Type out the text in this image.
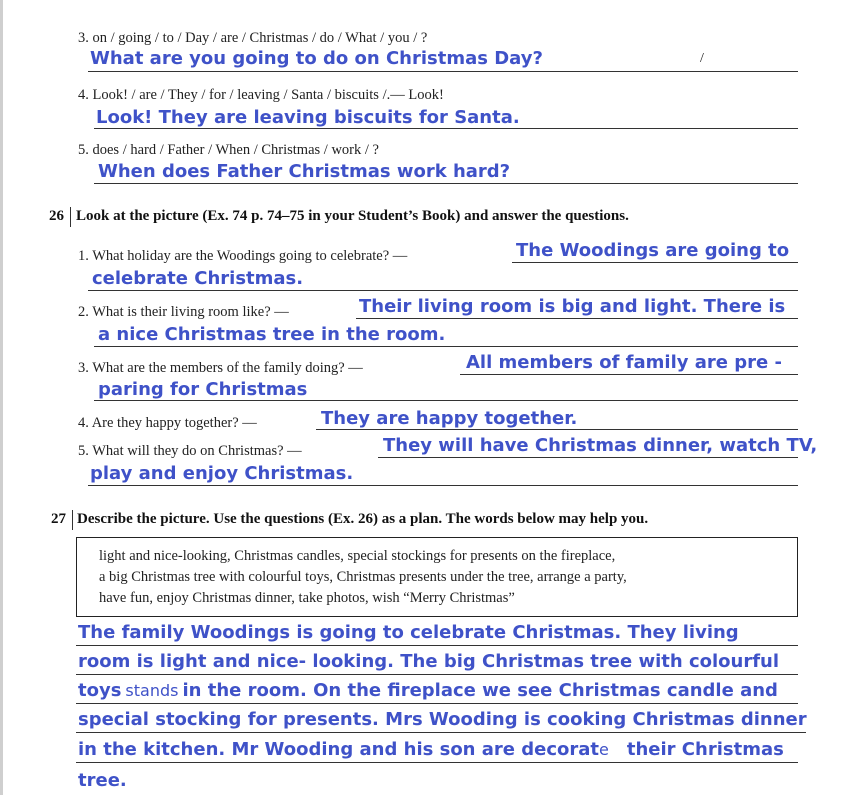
3. on / going / to / Day / are / Christmas / do / What / you / ?
What are you going to do on Christmas Day?	/
4. Look! / are / They / for / leaving / Santa / biscuits /.— Look!
Look! They are leaving biscuits for Santa.
5. does / hard / Father / When / Christmas / work / ?
When does Father Christmas work hard?
26 Look at the picture (Ex. 74 p. 74–75 in your Student’s Book) and answer the questions.
1. What holiday are the Woodings going to celebrate? —	The Woodings are going to
celebrate Christmas.
2. What is their living room like? —	Their living room is big and light. There is
a nice Christmas tree in the room.
3. What are the members of the family doing? —	All members of family are pre -
paring for Christmas
4. Are they happy together? —	They are happy together.
5. What will they do on Christmas? —	They will have Christmas dinner, watch TV,
play and enjoy Christmas.
27 Describe the picture. Use the questions (Ex. 26) as a plan. The words below may help you.
light and nice-looking, Christmas candles, special stockings for presents on the fireplace,
a big Christmas tree with colourful toys, Christmas presents under the tree, arrange a party,
have fun, enjoy Christmas dinner, take photos, wish “Merry Christmas”
The family Woodings is going to celebrate Christmas. They living
room is light and nice- looking. The big Christmas tree with colourful
toys stands in the room. On the fireplace we see Christmas candle and
special stocking for presents. Mrs Wooding is cooking Christmas dinner
in the kitchen. Mr Wooding and his son are decorate their Christmas
tree.
